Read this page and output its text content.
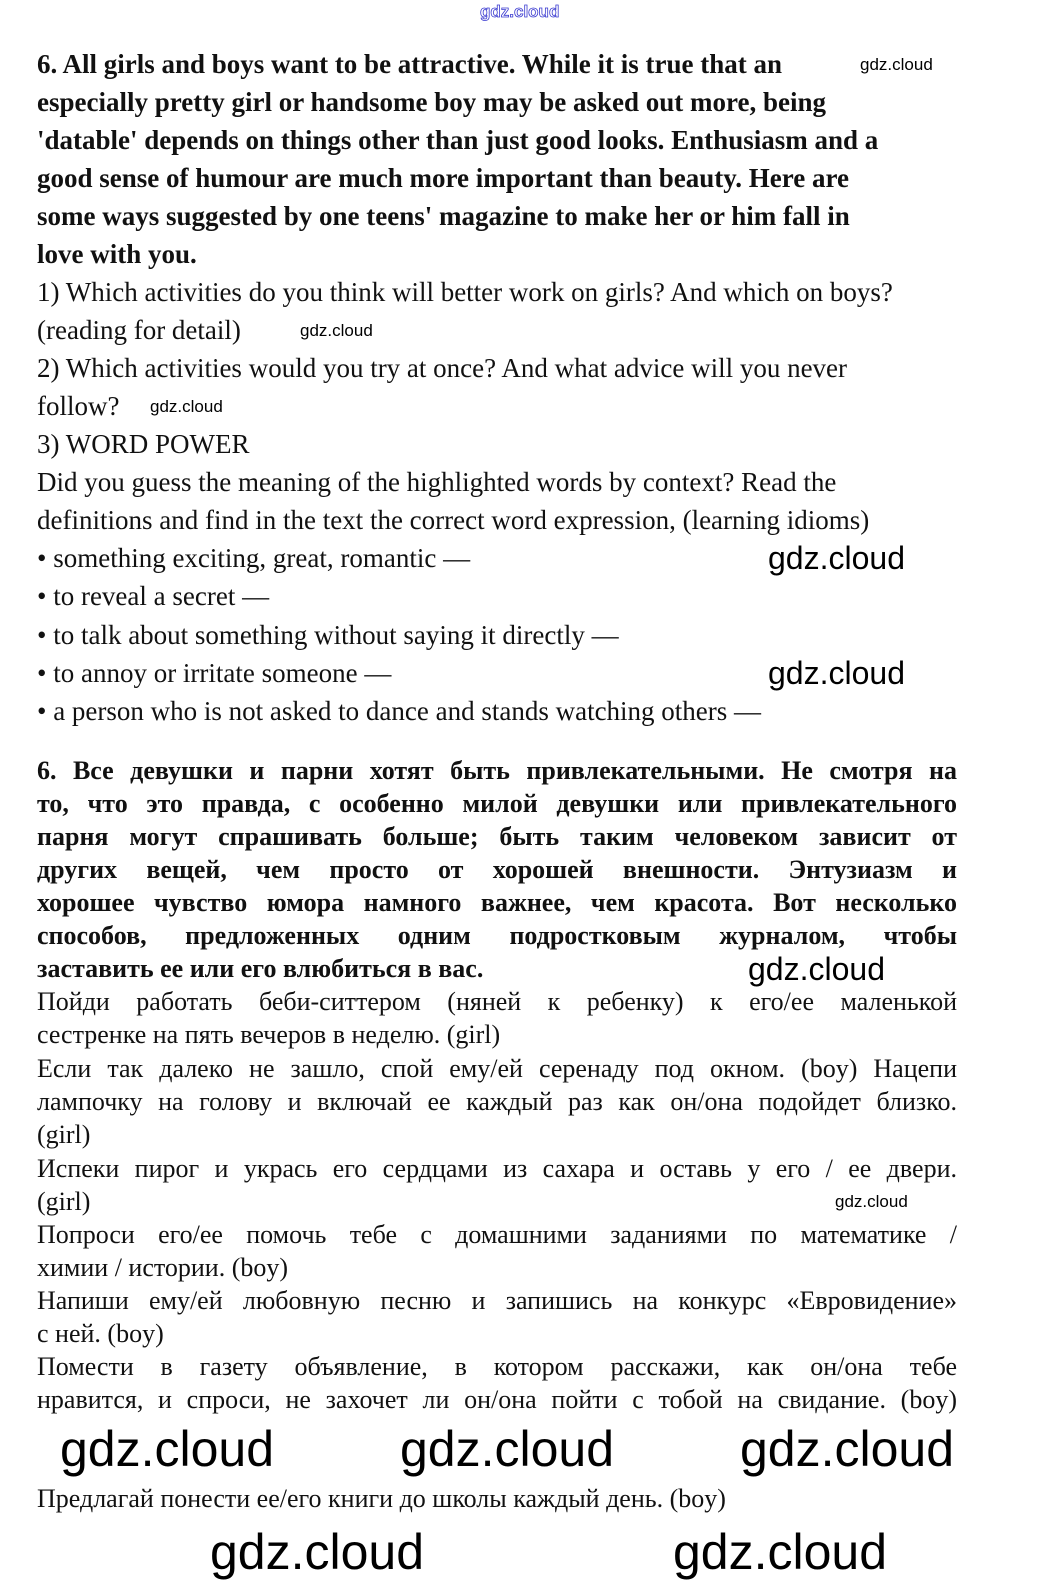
6. All girls and boys want to be attractive. While it is true that an
especially pretty girl or handsome boy may be asked out more, being
'datable' depends on things other than just good looks. Enthusiasm and a
good sense of humour are much more important than beauty. Here are
some ways suggested by one teens' magazine to make her or him fall in
love with you.
1) Which activities do you think will better work on girls? And which on boys?
(reading for detail)
2) Which activities would you try at once? And what advice will you never
follow?
3) WORD POWER
Did you guess the meaning of the highlighted words by context? Read the
definitions and find in the text the correct word expression, (learning idioms)
• something exciting, great, romantic —
• to reveal a secret —
• to talk about something without saying it directly —
• to annoy or irritate someone —
• a person who is not asked to dance and stands watching others —
6. Все девушки и парни хотят быть привлекательными. Не смотря на
то, что это правда, с особенно милой девушки или привлекательного
парня могут спрашивать больше; быть таким человеком зависит от
других вещей, чем просто от хорошей внешности. Энтузиазм и
хорошее чувство юмора намного важнее, чем красота. Вот несколько
способов, предложенных одним подростковым журналом, чтобы
заставить ее или его влюбиться в вас.
Пойди работать беби-ситтером (няней к ребенку) к его/ее маленькой
сестренке на пять вечеров в неделю. (girl)
Если так далеко не зашло, спой ему/ей серенаду под окном. (boy) Нацепи
лампочку на голову и включай ее каждый раз как он/она подойдет близко.
(girl)
Испеки пирог и укрась его сердцами из сахара и оставь у его / ее двери.
(girl)
Попроси его/ее помочь тебе с домашними заданиями по математике /
химии / истории. (boy)
Напиши ему/ей любовную песню и запишись на конкурс «Евровидение»
с ней. (boy)
Помести в газету объявление, в котором расскажи, как он/она тебе
нравится, и спроси, не захочет ли он/она пойти с тобой на свидание. (boy)
Предлагай понести ее/его книги до школы каждый день. (boy)
gdz.cloud
gdz.cloud
gdz.cloud
gdz.cloud
gdz.cloud
gdz.cloud
gdz.cloud
gdz.cloud
gdz.cloud	gdz.cloud	gdz.cloud
gdz.cloud	gdz.cloud
